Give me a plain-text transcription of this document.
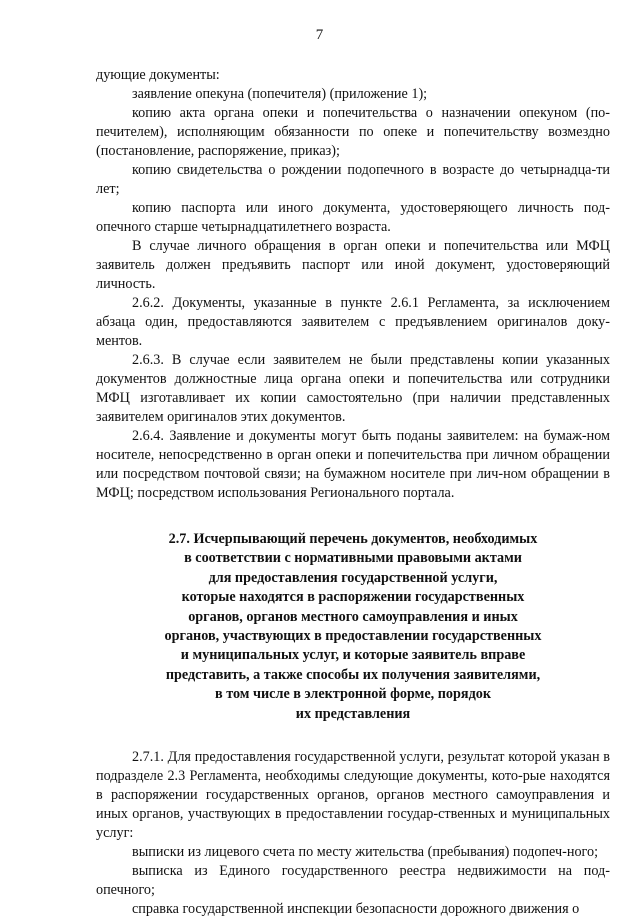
7

дующие документы:

заявление опекуна (попечителя) (приложение 1);

копию акта органа опеки и попечительства о назначении опекуном (по-печителем), исполняющим обязанности по опеке и попечительству возмездно (постановление, распоряжение, приказ);

копию свидетельства о рождении подопечного в возрасте до четырнадца-ти лет;

копию паспорта или иного документа, удостоверяющего личность под-опечного старше четырнадцатилетнего возраста.

В случае личного обращения в орган опеки и попечительства или МФЦ заявитель должен предъявить паспорт или иной документ, удостоверяющий личность.

2.6.2. Документы, указанные в пункте 2.6.1 Регламента, за исключением абзаца один, предоставляются заявителем с предъявлением оригиналов доку-ментов.

2.6.3. В случае если заявителем не были представлены копии указанных документов должностные лица органа опеки и попечительства или сотрудники МФЦ изготавливает их копии самостоятельно (при наличии представленных заявителем оригиналов этих документов.

2.6.4. Заявление и документы могут быть поданы заявителем: на бумаж-ном носителе, непосредственно в орган опеки и попечительства при личном обращении или посредством почтовой связи; на бумажном носителе при лич-ном обращении в МФЦ; посредством использования Регионального портала.

2.7. Исчерпывающий перечень документов, необходимых
в соответствии с нормативными правовыми актами
для предоставления государственной услуги,
которые находятся в распоряжении государственных
органов, органов местного самоуправления и иных
органов, участвующих в предоставлении государственных
и муниципальных услуг, и которые заявитель вправе
представить, а также способы их получения заявителями,
в том числе в электронной форме, порядок
их представления

2.7.1. Для предоставления государственной услуги, результат которой указан в подразделе 2.3 Регламента, необходимы следующие документы, кото-рые находятся в распоряжении государственных органов, органов местного самоуправления и иных органов, участвующих в предоставлении государ-ственных и муниципальных услуг:

выписки из лицевого счета по месту жительства (пребывания) подопеч-ного;

выписка из Единого государственного реестра недвижимости на под-опечного;

справка государственной инспекции безопасности дорожного движения о
